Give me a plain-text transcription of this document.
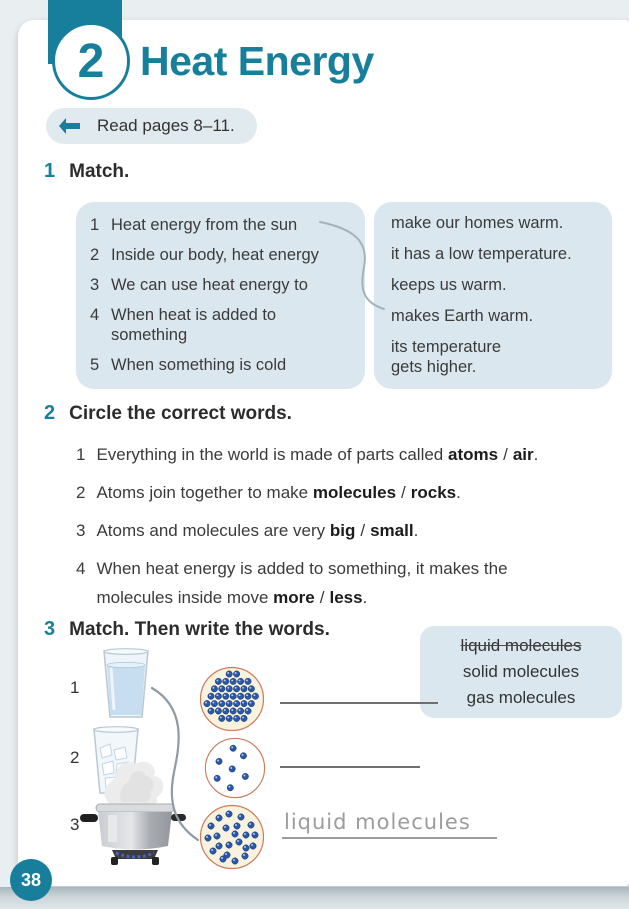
2 Heat Energy
Read pages 8–11.
1 Match.
1 Heat energy from the sun
2 Inside our body, heat energy
3 We can use heat energy to
4 When heat is added to
something
5 When something is cold
make our homes warm.
it has a low temperature.
keeps us warm.
makes Earth warm.
its temperature
gets higher.
2 Circle the correct words.
1 Everything in the world is made of parts called atoms / air.
2 Atoms join together to make molecules / rocks.
3 Atoms and molecules are very big / small.
4 When heat energy is added to something, it makes the
molecules inside move more / less.
3 Match. Then write the words.
liquid molecules
solid molecules
gas molecules
1
2
3	liquid molecules
38
